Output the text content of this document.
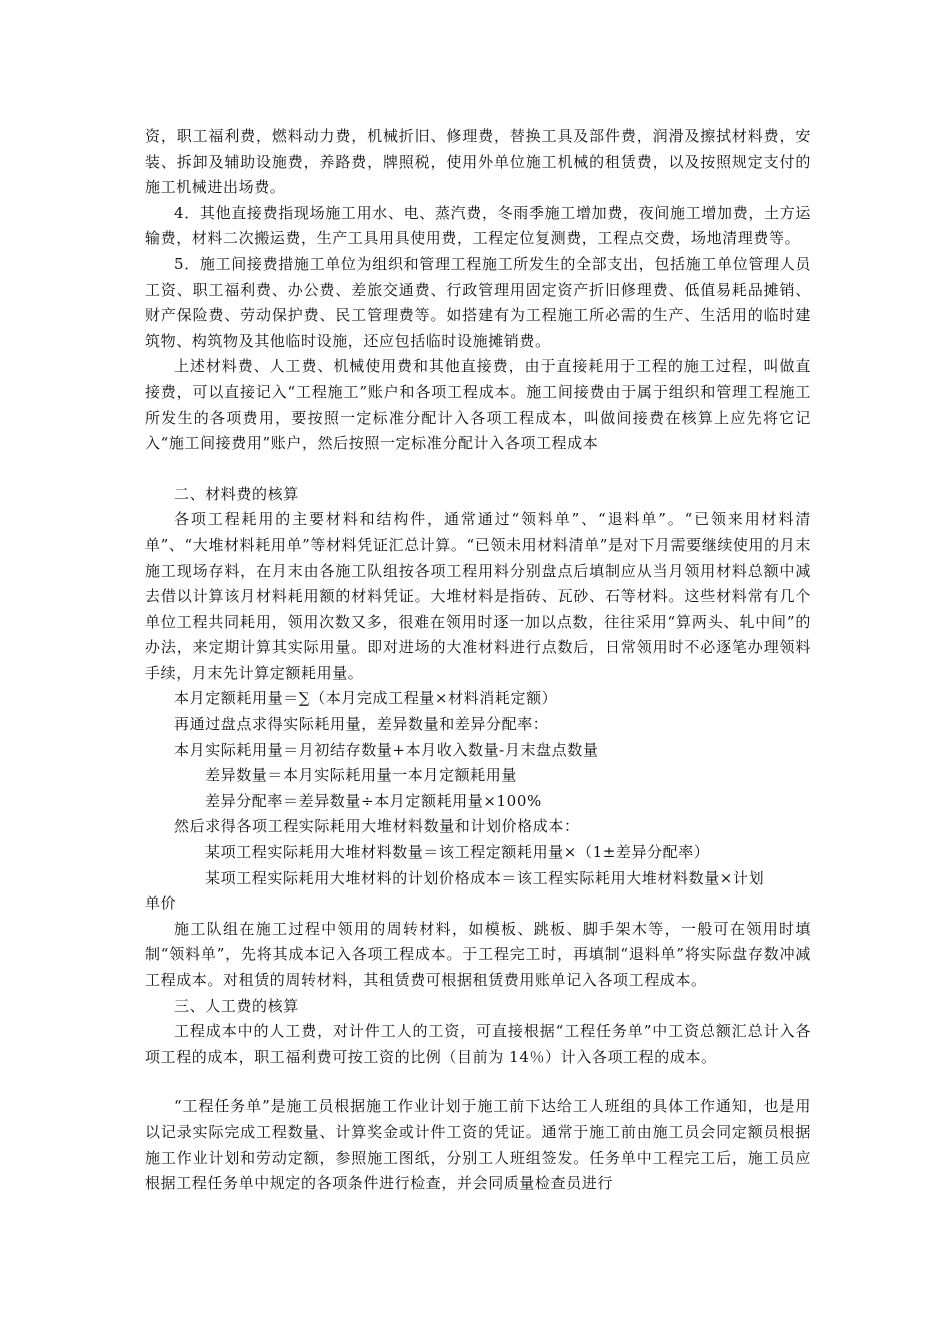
资，职工福利费，燃料动力费，机械折旧、修理费，替换工具及部件费，润滑及擦拭材料费，安装、拆卸及辅助设施费，养路费，牌照税，使用外单位施工机械的租赁费，以及按照规定支付的施工机械进出场费。

4．其他直接费指现场施工用水、电、蒸汽费，冬雨季施工增加费，夜间施工增加费，土方运输费，材料二次搬运费，生产工具用具使用费，工程定位复测费，工程点交费，场地清理费等。

5．施工间接费措施工单位为组织和管理工程施工所发生的全部支出，包括施工单位管理人员工资、职工福利费、办公费、差旅交通费、行政管理用固定资产折旧修理费、低值易耗品摊销、财产保险费、劳动保护费、民工管理费等。如搭建有为工程施工所必需的生产、生活用的临时建筑物、构筑物及其他临时设施，还应包括临时设施摊销费。

上述材料费、人工费、机械使用费和其他直接费，由于直接耗用于工程的施工过程，叫做直接费，可以直接记入“工程施工”账户和各项工程成本。施工间接费由于属于组织和管理工程施工所发生的各项费用，要按照一定标准分配计入各项工程成本，叫做间接费在核算上应先将它记入“施工间接费用”账户，然后按照一定标准分配计入各项工程成本

二、材料费的核算

各项工程耗用的主要材料和结构件，通常通过“领料单”、“退料单”。“已领来用材料清单”、“大堆材料耗用单”等材料凭证汇总计算。“已领未用材料清单”是对下月需要继续使用的月末施工现场存料，在月末由各施工队组按各项工程用料分别盘点后填制应从当月领用材料总额中减去借以计算该月材料耗用额的材料凭证。大堆材料是指砖、瓦砂、石等材料。这些材料常有几个单位工程共同耗用，领用次数又多，很难在领用时逐一加以点数，往往采用“算两头、轧中间”的办法，来定期计算其实际用量。即对进场的大准材料进行点数后，日常领用时不必逐笔办理领料手续，月末先计算定额耗用量。

本月定额耗用量＝∑（本月完成工程量×材料消耗定额）

再通过盘点求得实际耗用量，差异数量和差异分配率：

本月实际耗用量＝月初结存数量+本月收入数量-月末盘点数量

差异数量＝本月实际耗用量一本月定额耗用量

差异分配率＝差异数量÷本月定额耗用量×100%

然后求得各项工程实际耗用大堆材料数量和计划价格成本：

某项工程实际耗用大堆材料数量＝该工程定额耗用量×（1±差异分配率）

某项工程实际耗用大堆材料的计划价格成本＝该工程实际耗用大堆材料数量×计划

单价

施工队组在施工过程中领用的周转材料，如模板、跳板、脚手架木等，一般可在领用时填制“领料单”，先将其成本记入各项工程成本。于工程完工时，再填制“退料单”将实际盘存数冲减工程成本。对租赁的周转材料，其租赁费可根据租赁费用账单记入各项工程成本。

三、人工费的核算

工程成本中的人工费，对计件工人的工资，可直接根据“工程任务单”中工资总额汇总计入各项工程的成本，职工福利费可按工资的比例（目前为 14％）计入各项工程的成本。

“工程任务单”是施工员根据施工作业计划于施工前下达给工人班组的具体工作通知，也是用以记录实际完成工程数量、计算奖金或计件工资的凭证。通常于施工前由施工员会同定额员根据施工作业计划和劳动定额，参照施工图纸，分别工人班组签发。任务单中工程完工后，施工员应根据工程任务单中规定的各项条件进行检查，并会同质量检查员进行
